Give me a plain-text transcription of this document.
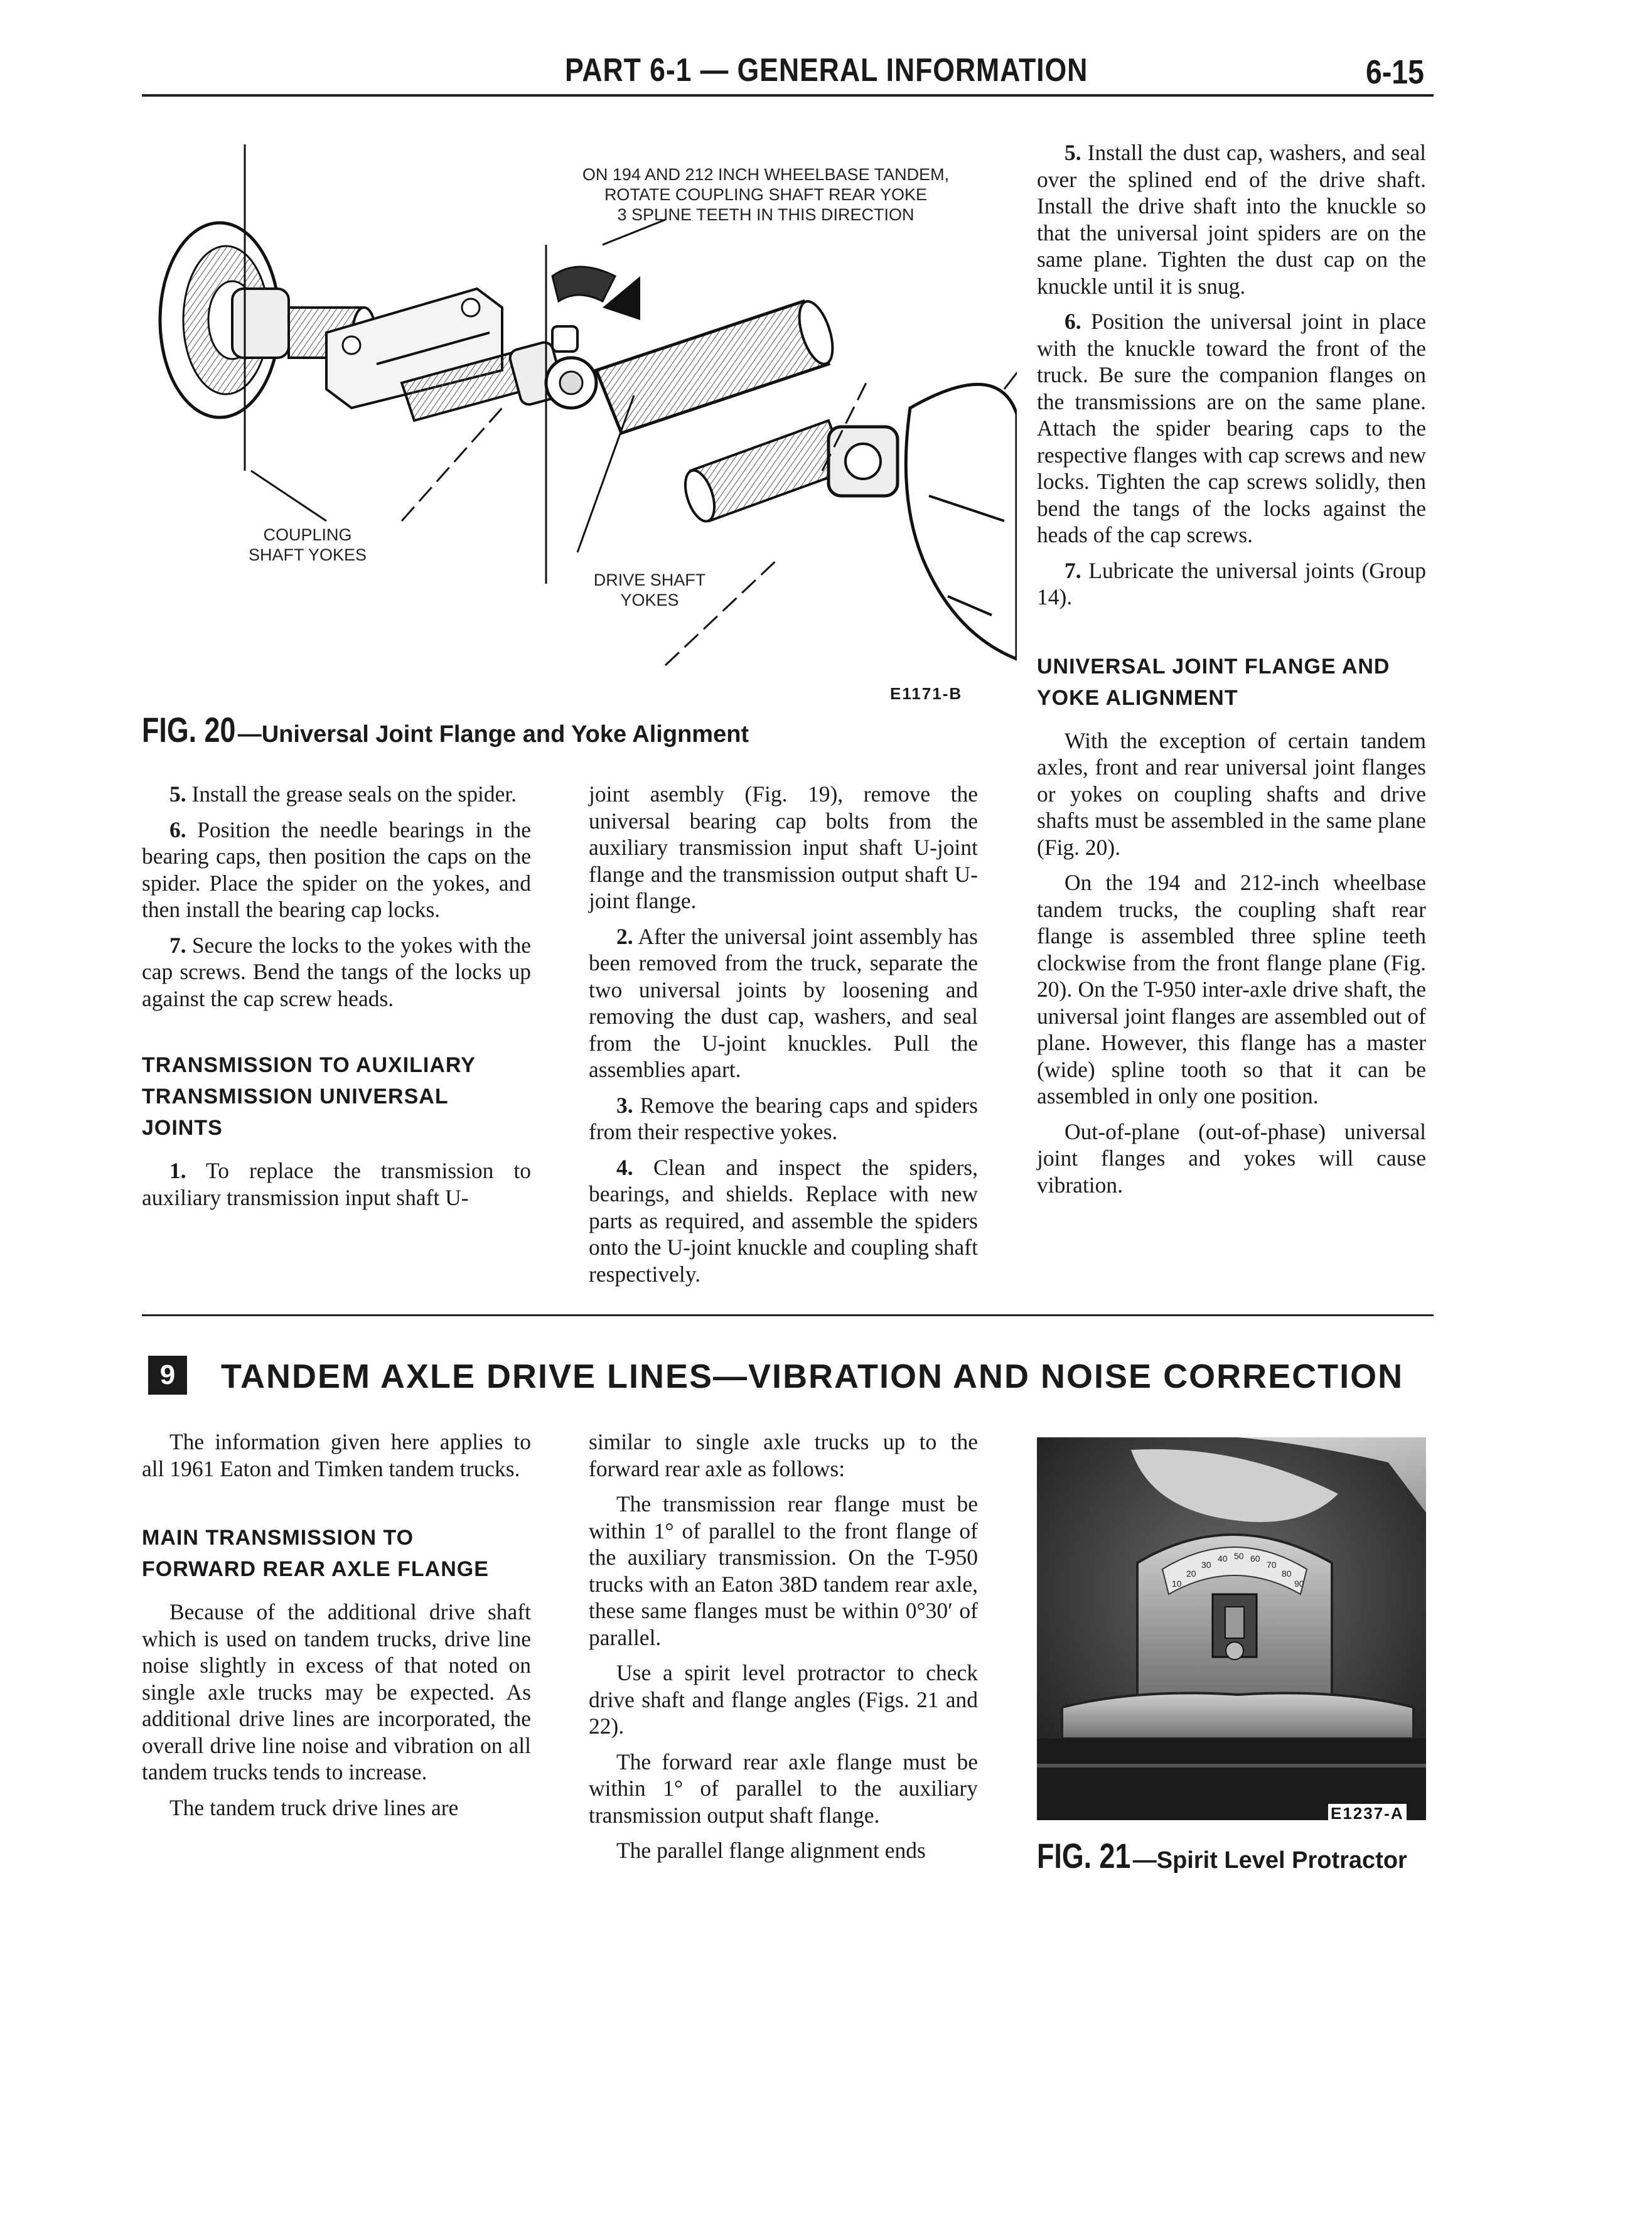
PART 6-1 — GENERAL INFORMATION	6-15
ON 194 AND 212 INCH WHEELBASE TANDEM,
ROTATE COUPLING SHAFT REAR YOKE
3 SPLINE TEETH IN THIS DIRECTION
COUPLING
SHAFT YOKES
DRIVE SHAFT
YOKES
E1171-B
FIG. 20—Universal Joint Flange and Yoke Alignment

5. Install the dust cap, washers, and seal over the splined end of the drive shaft. Install the drive shaft into the knuckle so that the universal joint spiders are on the same plane. Tighten the dust cap on the knuckle until it is snug.

6. Position the universal joint in place with the knuckle toward the front of the truck. Be sure the companion flanges on the transmissions are on the same plane. Attach the spider bearing caps to the respective flanges with cap screws and new locks. Tighten the cap screws solidly, then bend the tangs of the locks against the heads of the cap screws.

7. Lubricate the universal joints (Group 14).

UNIVERSAL JOINT FLANGE AND YOKE ALIGNMENT

With the exception of certain tandem axles, front and rear universal joint flanges or yokes on coupling shafts and drive shafts must be assembled in the same plane (Fig. 20).

On the 194 and 212-inch wheelbase tandem trucks, the coupling shaft rear flange is assembled three spline teeth clockwise from the front flange plane (Fig. 20). On the T-950 inter-axle drive shaft, the universal joint flanges are assembled out of plane. However, this flange has a master (wide) spline tooth so that it can be assembled in only one position.

Out-of-plane (out-of-phase) universal joint flanges and yokes will cause vibration.

5. Install the grease seals on the spider.

6. Position the needle bearings in the bearing caps, then position the caps on the spider. Place the spider on the yokes, and then install the bearing cap locks.

7. Secure the locks to the yokes with the cap screws. Bend the tangs of the locks up against the cap screw heads.

TRANSMISSION TO AUXILIARY TRANSMISSION UNIVERSAL JOINTS

1. To replace the transmission to auxiliary transmission input shaft U-

joint asembly (Fig. 19), remove the universal bearing cap bolts from the auxiliary transmission input shaft U-joint flange and the transmission output shaft U-joint flange.

2. After the universal joint assembly has been removed from the truck, separate the two universal joints by loosening and removing the dust cap, washers, and seal from the U-joint knuckles. Pull the assemblies apart.

3. Remove the bearing caps and spiders from their respective yokes.

4. Clean and inspect the spiders, bearings, and shields. Replace with new parts as required, and assemble the spiders onto the U-joint knuckle and coupling shaft respectively.

9	TANDEM AXLE DRIVE LINES—VIBRATION AND NOISE CORRECTION

The information given here applies to all 1961 Eaton and Timken tandem trucks.

MAIN TRANSMISSION TO FORWARD REAR AXLE FLANGE

Because of the additional drive shaft which is used on tandem trucks, drive line noise slightly in excess of that noted on single axle trucks may be expected. As additional drive lines are incorporated, the overall drive line noise and vibration on all tandem trucks tends to increase.

The tandem truck drive lines are

similar to single axle trucks up to the forward rear axle as follows:

The transmission rear flange must be within 1° of parallel to the front flange of the auxiliary transmission. On the T-950 trucks with an Eaton 38D tandem rear axle, these same flanges must be within 0°30′ of parallel.

Use a spirit level protractor to check drive shaft and flange angles (Figs. 21 and 22).

The forward rear axle flange must be within 1° of parallel to the auxiliary transmission output shaft flange.

The parallel flange alignment ends

10
20
30
40 50 60
70
80
90
E1237-A
FIG. 21—Spirit Level Protractor
